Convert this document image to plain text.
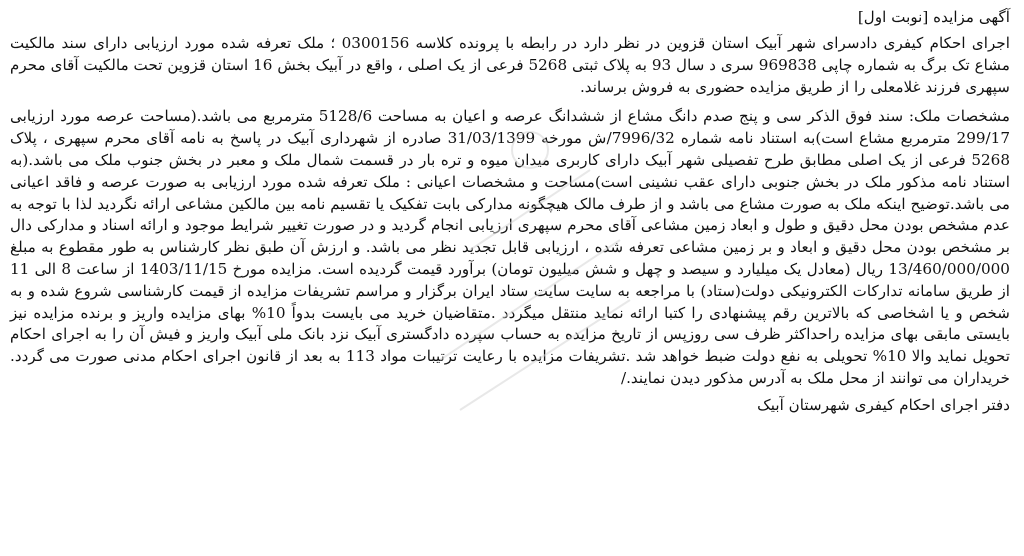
آگهی مزایده [نوبت اول]

اجرای احکام کیفری دادسرای شهر آبیک استان قزوین در نظر دارد در رابطه با پرونده کلاسه 0300156 ؛ ملک تعرفه شده مورد ارزیابی دارای سند مالکیت مشاع تک برگ به شماره چاپی 969838 سری د سال 93 به پلاک ثبتی 5268 فرعی از یک اصلی ، واقع در آبیک بخش 16 استان قزوین تحت مالکیت آقای محرم سپهری فرزند غلامعلی را از طریق مزایده حضوری به فروش برساند.

مشخصات ملک: سند فوق الذکر سی و پنج صدم دانگ مشاع از ششدانگ عرصه و اعیان به مساحت 5128/6 مترمربع می باشد.(مساحت عرصه مورد ارزیابی 299/17 مترمربع مشاع است)به استناد نامه شماره 7996/32/ش مورخه 31/03/1399 صادره از شهرداری آبیک در پاسخ به نامه آقای محرم سپهری ، پلاک 5268 فرعی از یک اصلی مطابق طرح تفصیلی شهر آبیک دارای کاربری میدان میوه و تره بار در قسمت شمال ملک و معبر در بخش جنوب ملک می باشد.(به استناد نامه مذکور ملک در بخش جنوبی دارای عقب نشینی است)مساحت و مشخصات اعیانی : ملک تعرفه شده مورد ارزیابی به صورت عرصه و فاقد اعیانی می باشد.توضیح اینکه ملک به صورت مشاع می باشد و از طرف مالک هیچگونه مدارکی بابت تفکیک یا تقسیم نامه بین مالکین مشاعی ارائه نگردید لذا با توجه به عدم مشخص بودن محل دقیق و طول و ابعاد زمین مشاعی آقای محرم سپهری ارزیابی انجام گردید و در صورت تغییر شرایط موجود و ارائه اسناد و مدارکی دال بر مشخص بودن محل دقیق و ابعاد و بر زمین مشاعی تعرفه شده ، ارزیابی قابل تجدید نظر می باشد. و ارزش آن طبق نظر کارشناس به طور مقطوع به مبلغ 13/460/000/000 ریال (معادل یک میلیارد و سیصد و چهل و شش میلیون تومان) برآورد قیمت گردیده است. مزایده مورخ 1403/11/15 از ساعت 8 الی 11 از طریق سامانه تدارکات الکترونیکی دولت(ستاد) با مراجعه به سایت سایت ستاد ایران برگزار و مراسم تشریفات مزایده از قیمت کارشناسی شروع شده و به شخص و یا اشخاصی که بالاترین رقم پیشنهادی را کتبا ارائه نماید منتقل میگردد .متقاضیان خرید می بایست بدواً 10% بهای مزایده واریز و برنده مزایده نیز بایستی مابقی بهای مزایده راحداکثر ظرف سی روزپس از تاریخ مزایده به حساب سپرده دادگستری آبیک نزد بانک ملی آبیک واریز و فیش آن را به اجرای احکام تحویل نماید والا 10% تحویلی به نفع دولت ضبط خواهد شد .تشریفات مزایده با رعایت ترتیبات مواد 113 به بعد از قانون اجرای احکام مدنی صورت می گردد. خریداران می توانند از محل ملک به آدرس مذکور دیدن نمایند./

دفتر اجرای احکام کیفری شهرستان آبیک
